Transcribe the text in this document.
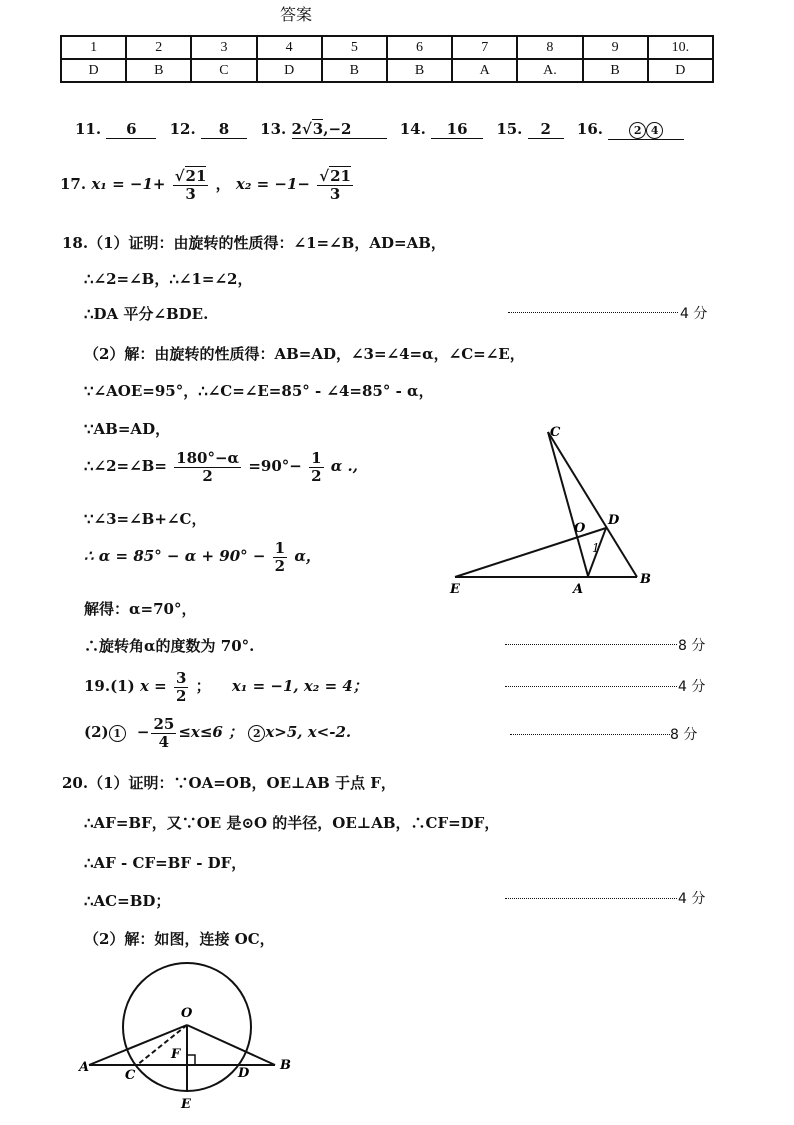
答案
1	2	3	4	5	6	7	8	9	10.
D	B	C	D	B	B	A	A.	B	D
11. 6 12. 8 13. 2√3,−2	14. 16 15. 2 16.	2 4
17. $x_1 = -1+ \frac{√21}{3}$ ， $x_2 = -1- \frac{√21}{3}$
18.（1）证明：由旋转的性质得：∠1=∠B，AD=AB，
∴∠2=∠B，∴∠1=∠2，
∴DA 平分∠BDE.	4 分
（2）解：由旋转的性质得：AB=AD，∠3=∠4=α，∠C=∠E，
∵∠AOE=95°，∴∠C=∠E=85° - ∠4=85° - α，
∵AB=AD，
∴∠2=∠B= $\frac{180^\circ-\alpha}{2} =90^\circ- \frac{1}{2}$ α .,
∵∠3=∠B+∠C，
∴ $\alpha = 85^\circ - \alpha + 90^\circ - \frac{1}{2}$ α，
解得：α=70°，
∴旋转角α的度数为 70°.	8 分
C
D
O
1
E	A
B
19.(1) $x = \frac{3}{2}$ ； x₁ = −1, x₂ = 4；	4 分
(2) $1 - \frac{25}{4} \le x\le 6$ ； 2 x>5, x<-2.	8 分
20.（1）证明：∵OA=OB，OE⊥AB 于点 F，
∴AF=BF，又∵OE 是⊙O 的半径，OE⊥AB，∴CF=DF，
∴AF - CF=BF - DF，
∴AC=BD；	4 分
（2）解：如图，连接 OC，
O
F
A
C	D
B
E
